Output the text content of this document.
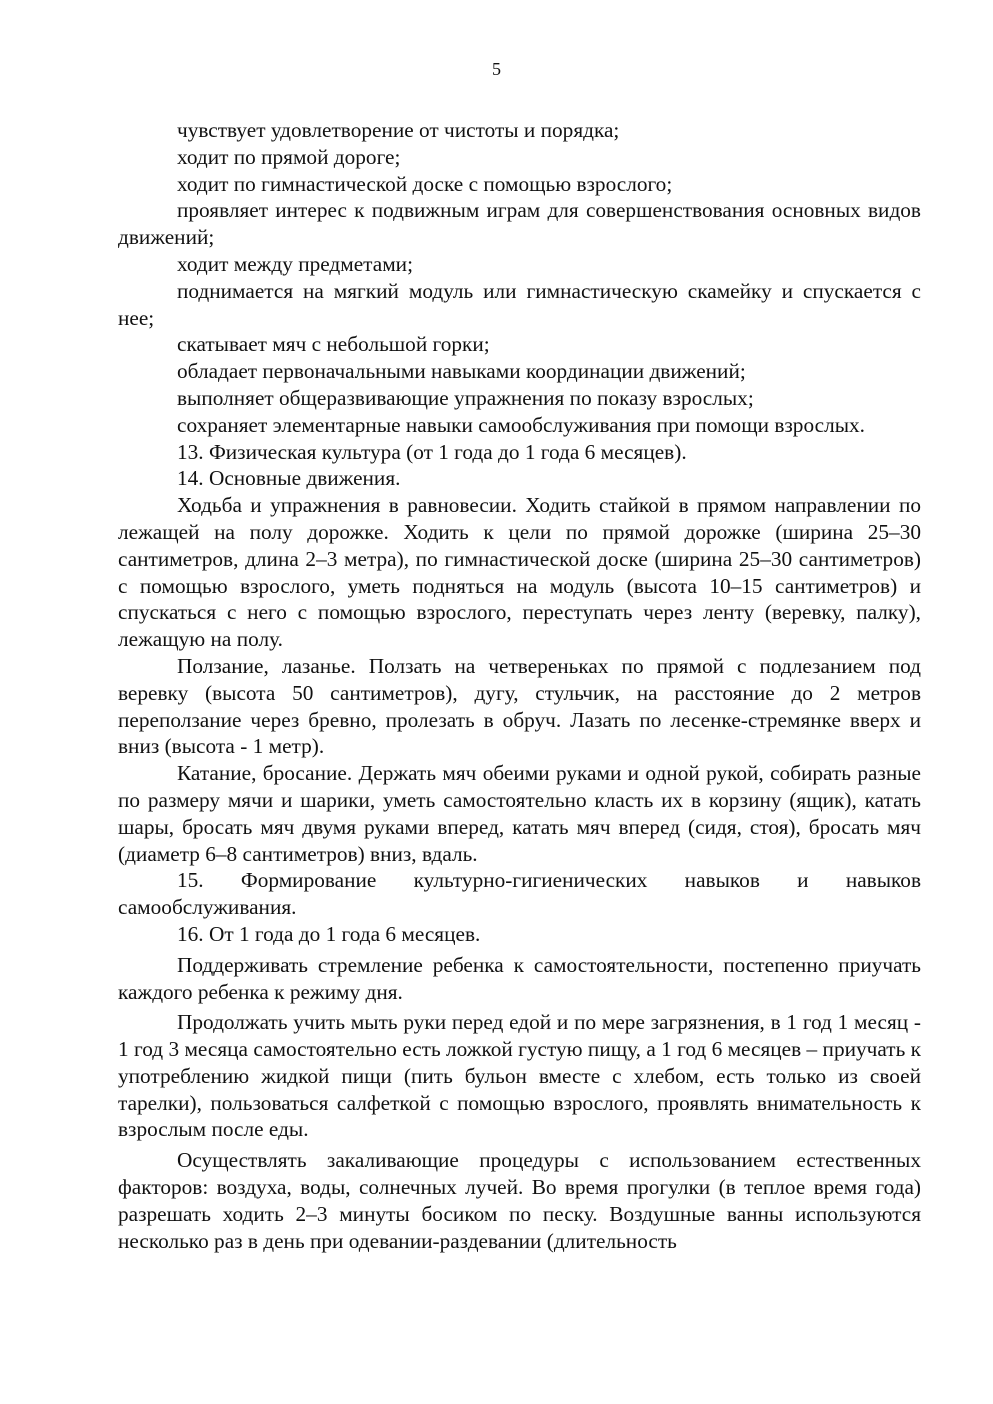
5

чувствует удовлетворение от чистоты и порядка;

ходит по прямой дороге;

ходит по гимнастической доске с помощью взрослого;

проявляет интерес к подвижным играм для совершенствования основных видов движений;

ходит между предметами;

поднимается на мягкий модуль или гимнастическую скамейку и спускается с нее;

скатывает мяч с небольшой горки;

обладает первоначальными навыками координации движений;

выполняет общеразвивающие упражнения по показу взрослых;

сохраняет элементарные навыки самообслуживания при помощи взрослых.

13. Физическая культура (от 1 года до 1 года 6 месяцев).

14. Основные движения.

Ходьба и упражнения в равновесии. Ходить стайкой в прямом направлении по лежащей на полу дорожке. Ходить к цели по прямой дорожке (ширина 25–30 сантиметров, длина 2–3 метра), по гимнастической доске (ширина 25–30 сантиметров) с помощью взрослого, уметь подняться на модуль (высота 10–15 сантиметров) и спускаться с него с помощью взрослого, переступать через ленту (веревку, палку), лежащую на полу.

Ползание, лазанье. Ползать на четвереньках по прямой с подлезанием под веревку (высота 50 сантиметров), дугу, стульчик, на расстояние до 2 метров переползание через бревно, пролезать в обруч. Лазать по лесенке-стремянке вверх и вниз (высота - 1 метр).

Катание, бросание. Держать мяч обеими руками и одной рукой, собирать разные по размеру мячи и шарики, уметь самостоятельно класть их в корзину (ящик), катать шары, бросать мяч двумя руками вперед, катать мяч вперед (сидя, стоя), бросать мяч (диаметр 6–8 сантиметров) вниз, вдаль.

15. Формирование культурно-гигиенических навыков и навыков самообслуживания.

16. От 1 года до 1 года 6 месяцев.

Поддерживать стремление ребенка к самостоятельности, постепенно приучать каждого ребенка к режиму дня.

Продолжать учить мыть руки перед едой и по мере загрязнения, в 1 год 1 месяц - 1 год 3 месяца самостоятельно есть ложкой густую пищу, а 1 год 6 месяцев – приучать к употреблению жидкой пищи (пить бульон вместе с хлебом, есть только из своей тарелки), пользоваться салфеткой с помощью взрослого, проявлять внимательность к взрослым после еды.

Осуществлять закаливающие процедуры с использованием естественных факторов: воздуха, воды, солнечных лучей. Во время прогулки (в теплое время года) разрешать ходить 2–3 минуты босиком по песку. Воздушные ванны используются несколько раз в день при одевании-раздевании (длительность
